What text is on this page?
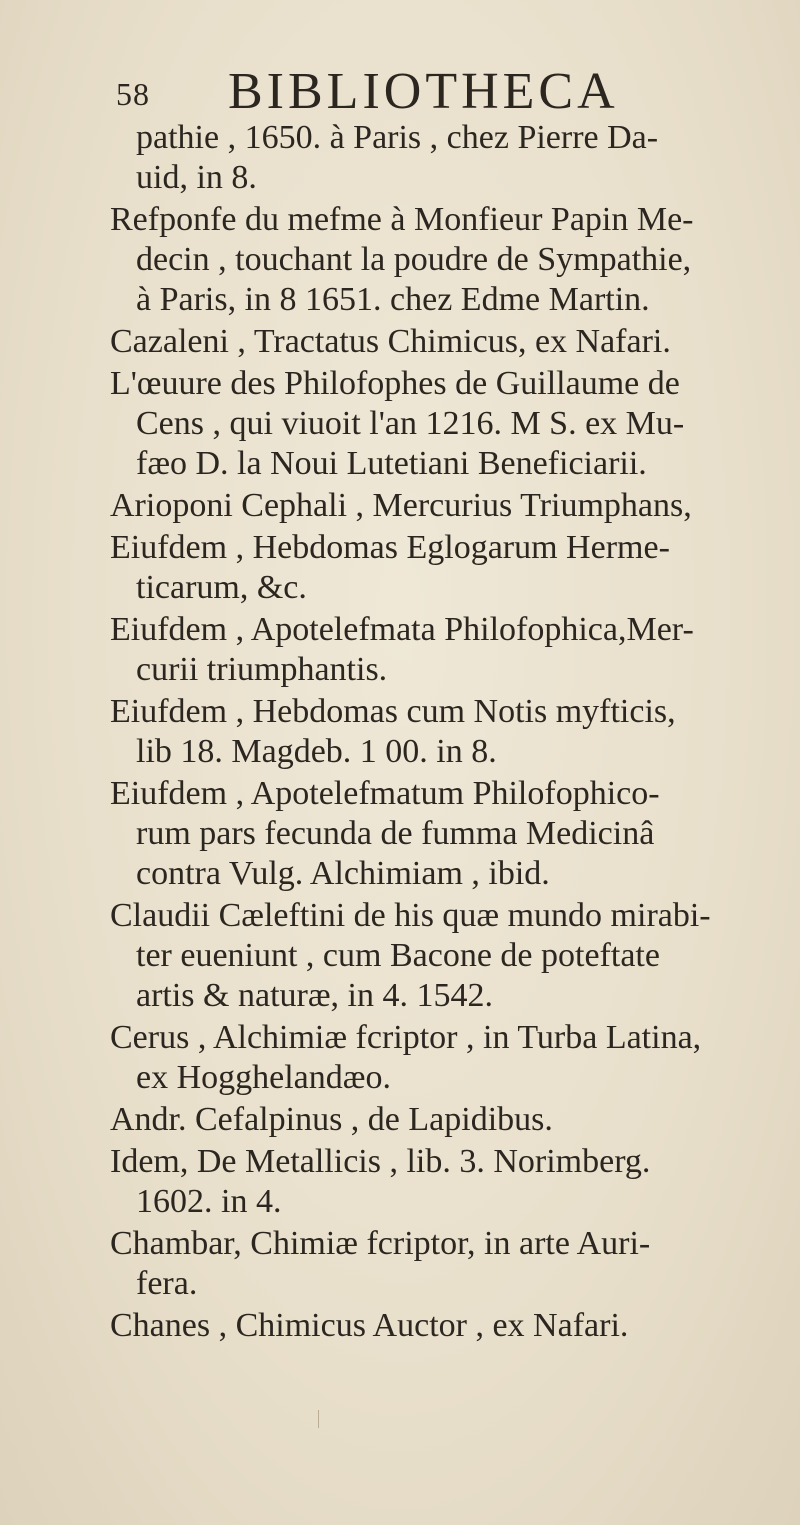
58 BIBLIOTHECA
pathie , 1650. à Paris , chez Pierre Da-
uid, in 8.
Refponfe du mefme à Monfieur Papin Me-
decin , touchant la poudre de Sympathie,
à Paris, in 8 1651. chez Edme Martin.
Cazaleni , Tractatus Chimicus, ex Nafari.
L'œuure des Philofophes de Guillaume de
Cens , qui viuoit l'an 1216. M S. ex Mu-
fæo D. la Noui Lutetiani Beneficiarii.
Arioponi Cephali , Mercurius Triumphans,
Eiufdem , Hebdomas Eglogarum Herme-
ticarum, &c.
Eiufdem , Apotelefmata Philofophica,Mer-
curii triumphantis.
Eiufdem , Hebdomas cum Notis myfticis,
lib 18. Magdeb. 1 00. in 8.
Eiufdem , Apotelefmatum Philofophico-
rum pars fecunda de fumma Medicinâ
contra Vulg. Alchimiam , ibid.
Claudii Cæleftini de his quæ mundo mirabi-
ter eueniunt , cum Bacone de poteftate
artis & naturæ, in 4. 1542.
Cerus , Alchimiæ fcriptor , in Turba Latina,
ex Hogghelandæo.
Andr. Cefalpinus , de Lapidibus.
Idem, De Metallicis , lib. 3. Norimberg.
1602. in 4.
Chambar, Chimiæ fcriptor, in arte Auri-
fera.
Chanes , Chimicus Auctor , ex Nafari.
